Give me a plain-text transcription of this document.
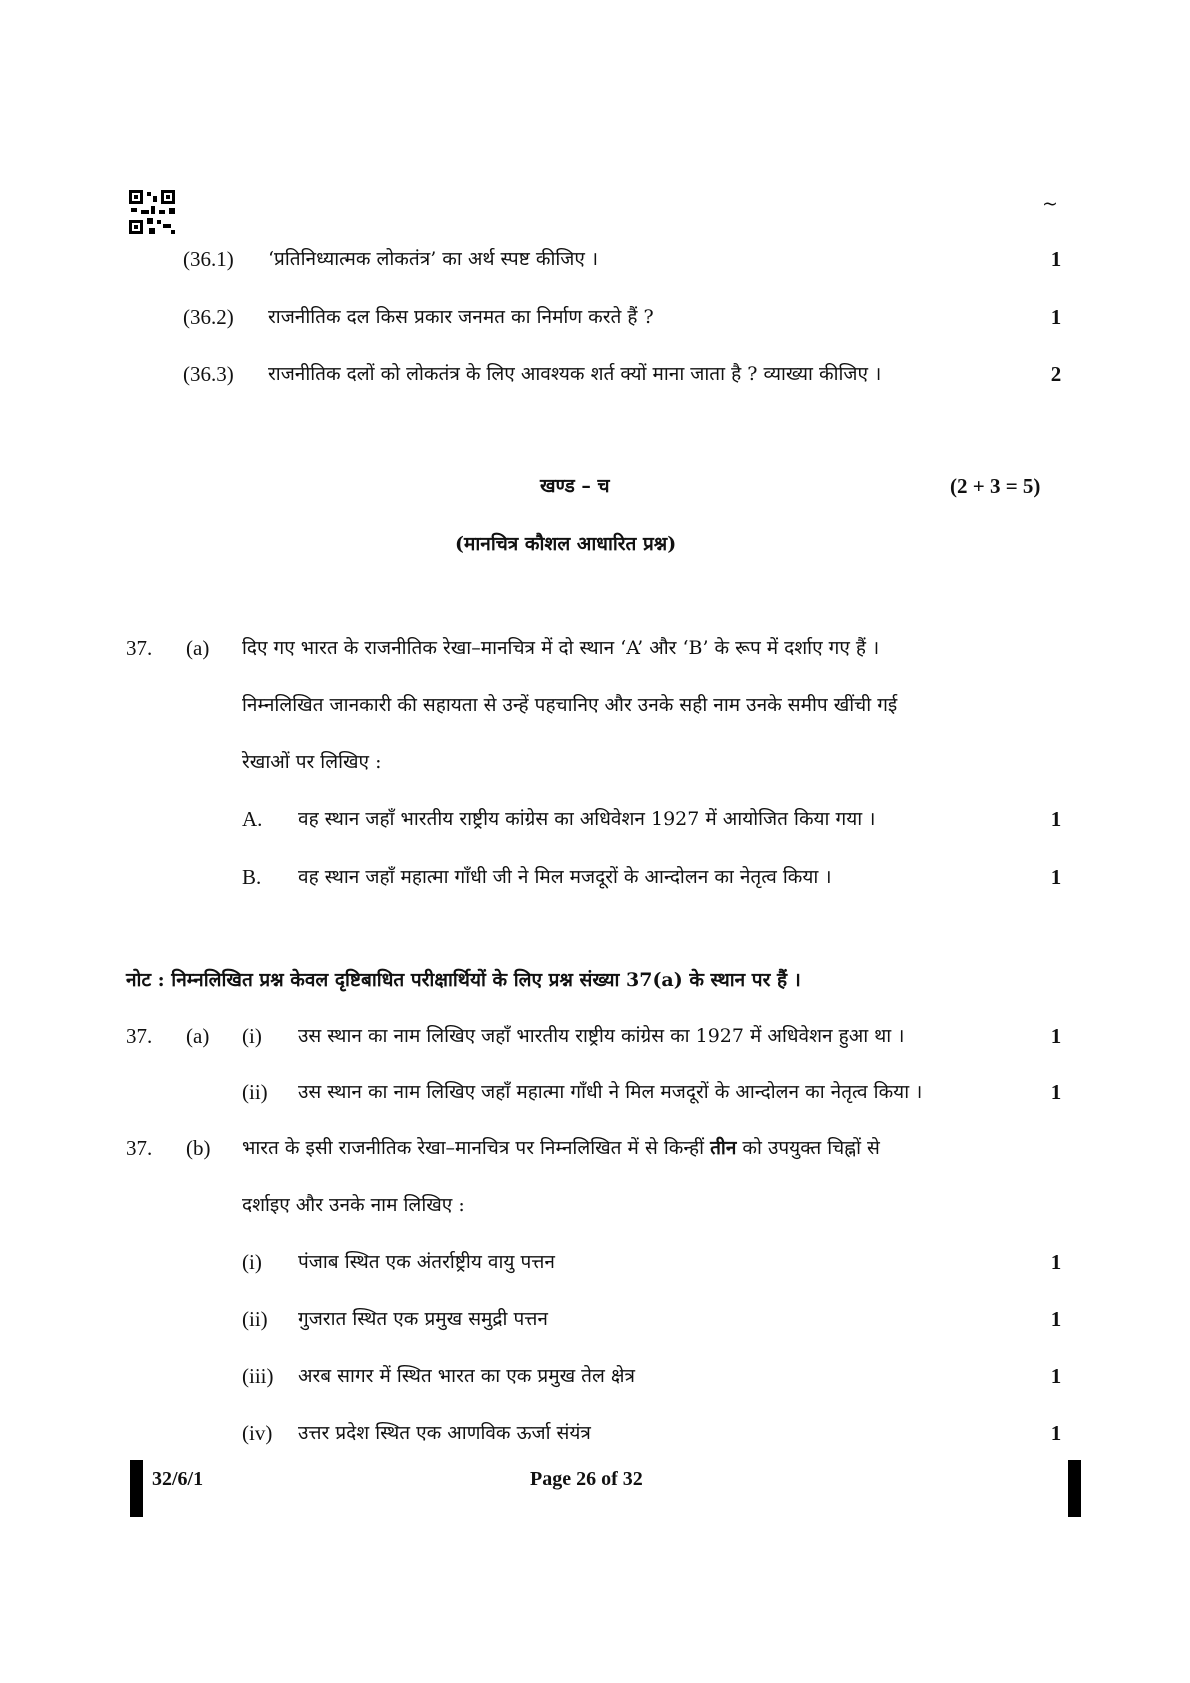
~
(36.1) ‘प्रतिनिध्यात्मक लोकतंत्र’ का अर्थ स्पष्ट कीजिए ।	1
(36.2) राजनीतिक दल किस प्रकार जनमत का निर्माण करते हैं ?	1
(36.3) राजनीतिक दलों को लोकतंत्र के लिए आवश्यक शर्त क्यों माना जाता है ? व्याख्या कीजिए ।	2
खण्ड – च	(2 + 3 = 5)
(मानचित्र कौशल आधारित प्रश्न)
37. (a) दिए गए भारत के राजनीतिक रेखा–मानचित्र में दो स्थान ‘A’ और ‘B’ के रूप में दर्शाए गए हैं ।
निम्नलिखित जानकारी की सहायता से उन्हें पहचानिए और उनके सही नाम उनके समीप खींची गई
रेखाओं पर लिखिए :
A. वह स्थान जहाँ भारतीय राष्ट्रीय कांग्रेस का अधिवेशन 1927 में आयोजित किया गया ।	1
B. वह स्थान जहाँ महात्मा गाँधी जी ने मिल मजदूरों के आन्दोलन का नेतृत्व किया ।	1
नोट : निम्नलिखित प्रश्न केवल दृष्टिबाधित परीक्षार्थियों के लिए प्रश्न संख्या 37(a) के स्थान पर हैं ।
37. (a) (i) उस स्थान का नाम लिखिए जहाँ भारतीय राष्ट्रीय कांग्रेस का 1927 में अधिवेशन हुआ था ।	1
(ii) उस स्थान का नाम लिखिए जहाँ महात्मा गाँधी ने मिल मजदूरों के आन्दोलन का नेतृत्व किया ।	1
37. (b) भारत के इसी राजनीतिक रेखा–मानचित्र पर निम्नलिखित में से किन्हीं तीन को उपयुक्त चिह्नों से
दर्शाइए और उनके नाम लिखिए :
(i) पंजाब स्थित एक अंतर्राष्ट्रीय वायु पत्तन	1
(ii) गुजरात स्थित एक प्रमुख समुद्री पत्तन	1
(iii) अरब सागर में स्थित भारत का एक प्रमुख तेल क्षेत्र	1
(iv) उत्तर प्रदेश स्थित एक आणविक ऊर्जा संयंत्र	1
32/6/1	Page 26 of 32
